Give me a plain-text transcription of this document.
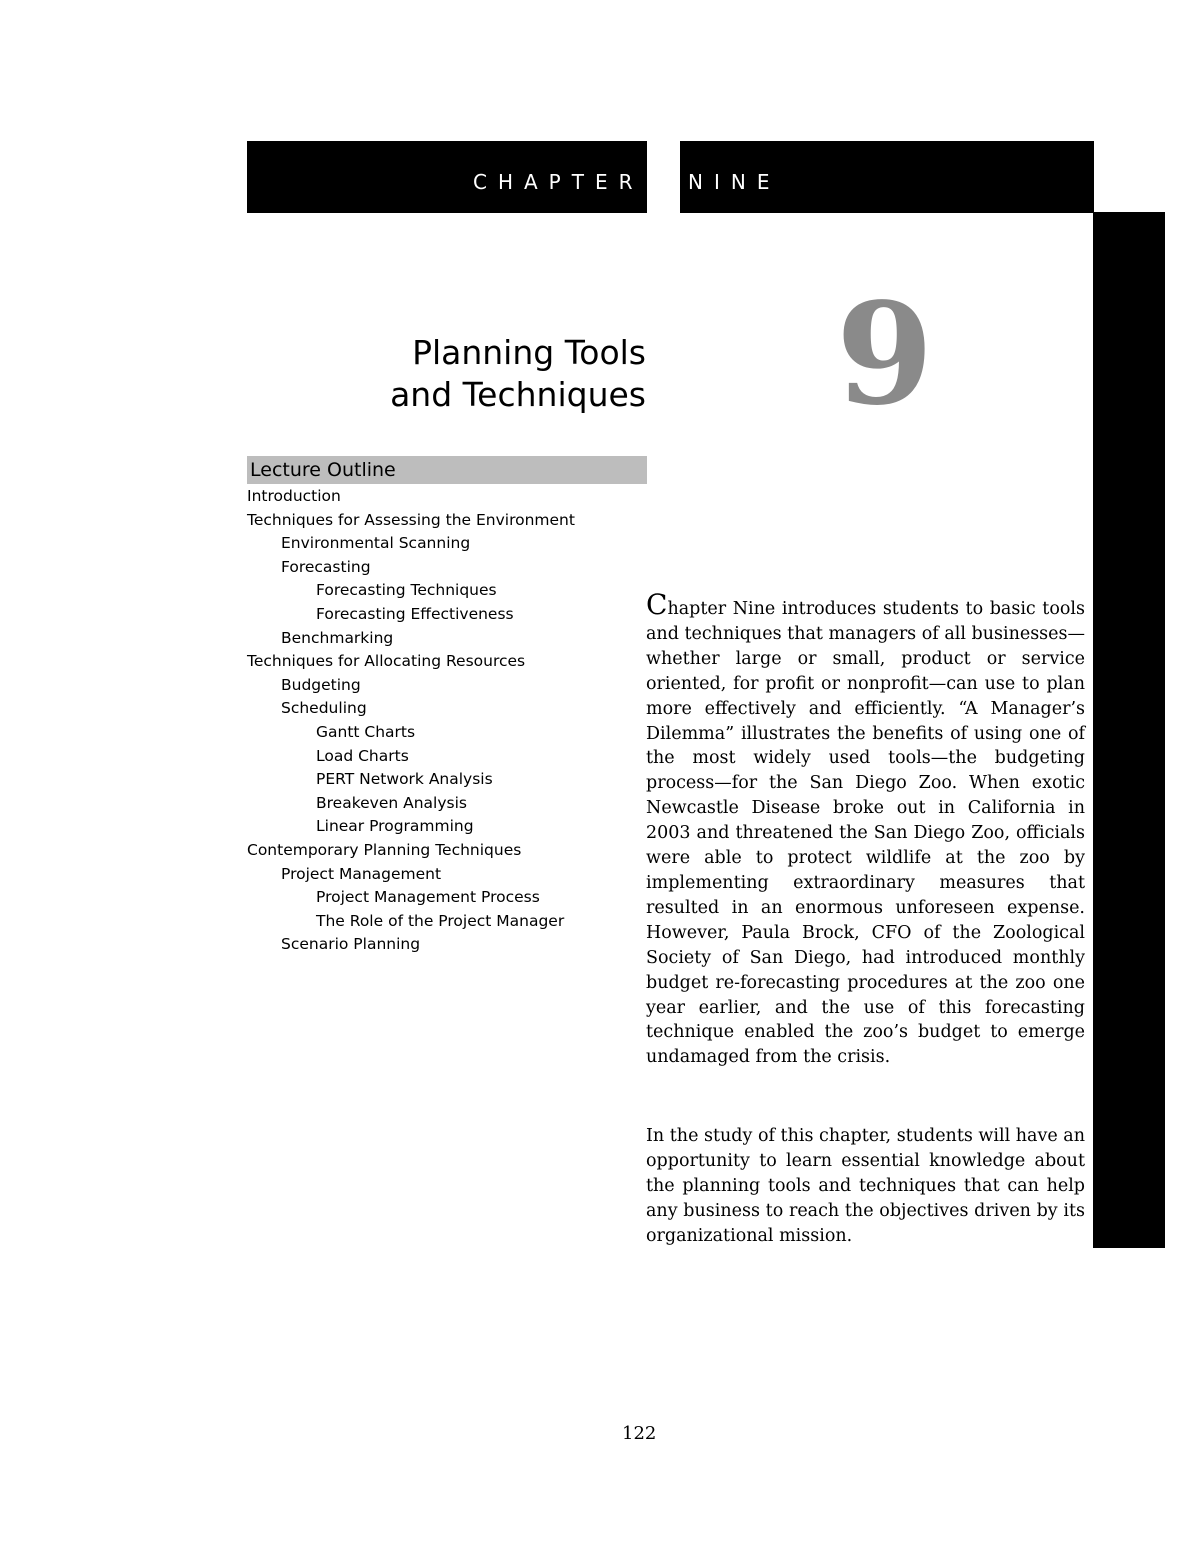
CHAPTER NINE
Planning Tools
and Techniques 9
Lecture Outline
Introduction
Techniques for Assessing the Environment
Environmental Scanning
Forecasting
Forecasting Techniques
Forecasting Effectiveness
Benchmarking
Techniques for Allocating Resources
Budgeting
Scheduling
Gantt Charts
Load Charts
PERT Network Analysis
Breakeven Analysis
Linear Programming
Contemporary Planning Techniques
Project Management
Project Management Process
The Role of the Project Manager
Scenario Planning

Chapter Nine introduces students to basic tools and techniques that managers of all businesses—whether large or small, product or service oriented, for profit or nonprofit—can use to plan more effectively and efficiently. “A Manager’s Dilemma” illustrates the benefits of using one of the most widely used tools—the budgeting process—for the San Diego Zoo. When exotic Newcastle Disease broke out in California in 2003 and threatened the San Diego Zoo, officials were able to protect wildlife at the zoo by implementing extraordinary measures that resulted in an enormous unforeseen expense. However, Paula Brock, CFO of the Zoological Society of San Diego, had introduced monthly budget re-forecasting procedures at the zoo one year earlier, and the use of this forecasting technique enabled the zoo’s budget to emerge undamaged from the crisis.

In the study of this chapter, students will have an opportunity to learn essential knowledge about the planning tools and techniques that can help any business to reach the objectives driven by its organizational mission.

122
